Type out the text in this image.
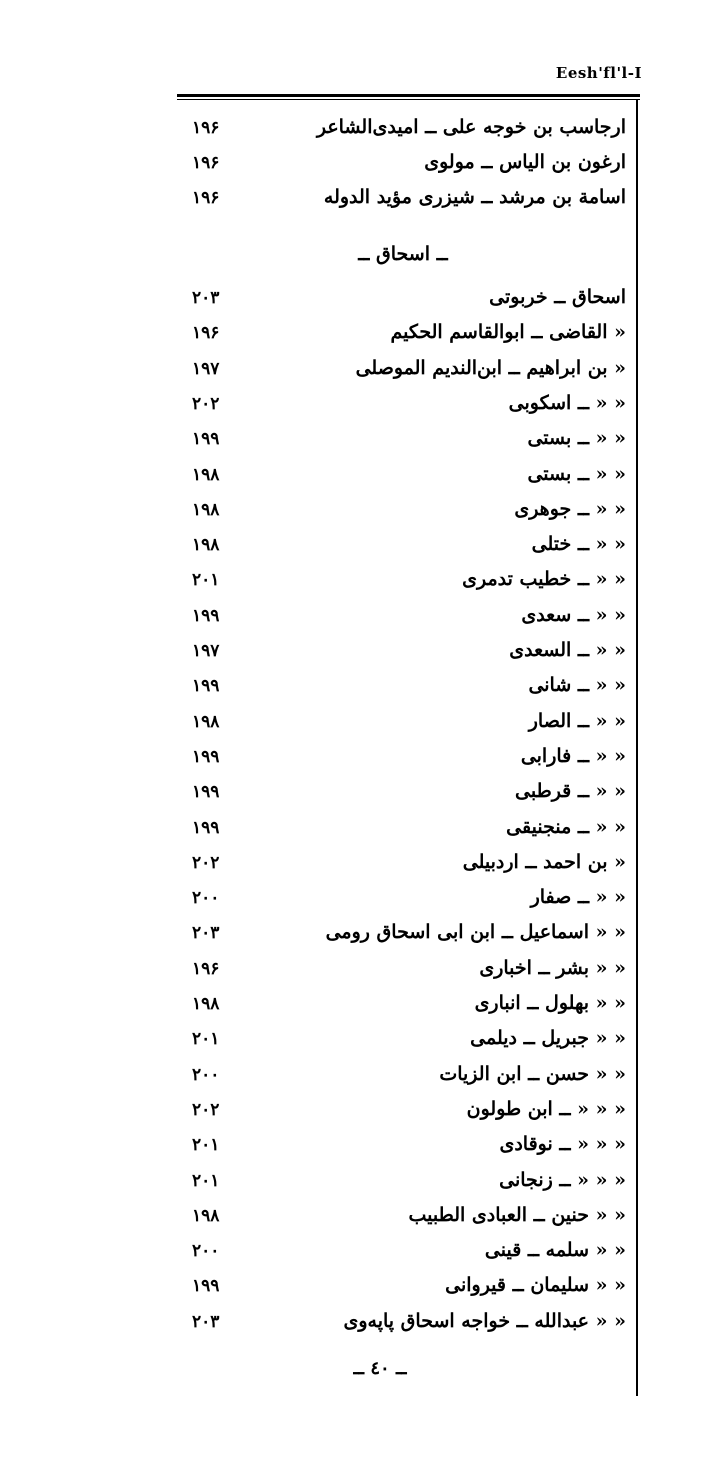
Eesh'fl'l-I
ارجاسب بن خوجه علی ــ امیدی‌الشاعر
۱۹۶
ارغون بن الیاس ــ مولوی
۱۹۶
اسامة بن مرشد ــ شیزری مؤید الدوله
۱۹۶
ــ اسحاق ــ
اسحاق ــ خربوتی
۲۰۳
« القاضی ــ ابوالقاسم الحکیم
۱۹۶
« بن ابراهیم ــ ابن‌الندیم الموصلی
۱۹۷
« « ــ اسکوبی
۲۰۲
« « ــ بستی
۱۹۹
« « ــ بستی
۱۹۸
« « ــ جوهری
۱۹۸
« « ــ ختلی
۱۹۸
« « ــ خطیب تدمری
۲۰۱
« « ــ سعدی
۱۹۹
« « ــ السعدی
۱۹۷
« « ــ شانی
۱۹۹
« « ــ الصار
۱۹۸
« « ــ فارابی
۱۹۹
« « ــ قرطبی
۱۹۹
« « ــ منجنیقی
۱۹۹
« بن احمد ــ اردبیلی
۲۰۲
« « ــ صفار
۲۰۰
« « اسماعیل ــ ابن ابی اسحاق رومی
۲۰۳
« « بشر ــ اخباری
۱۹۶
« « بهلول ــ انباری
۱۹۸
« « جبریل ــ دیلمی
۲۰۱
« « حسن ــ ابن الزیات
۲۰۰
« « « ــ ابن طولون
۲۰۲
« « « ــ نوقادی
۲۰۱
« « « ــ زنجانی
۲۰۱
« « حنین ــ العبادی الطبیب
۱۹۸
« « سلمه ــ قینی
۲۰۰
« « سلیمان ــ قیروانی
۱۹۹
« « عبدالله ــ خواجه اسحاق پاپه‌وی
۲۰۳
ــ ٤٠ ــ
